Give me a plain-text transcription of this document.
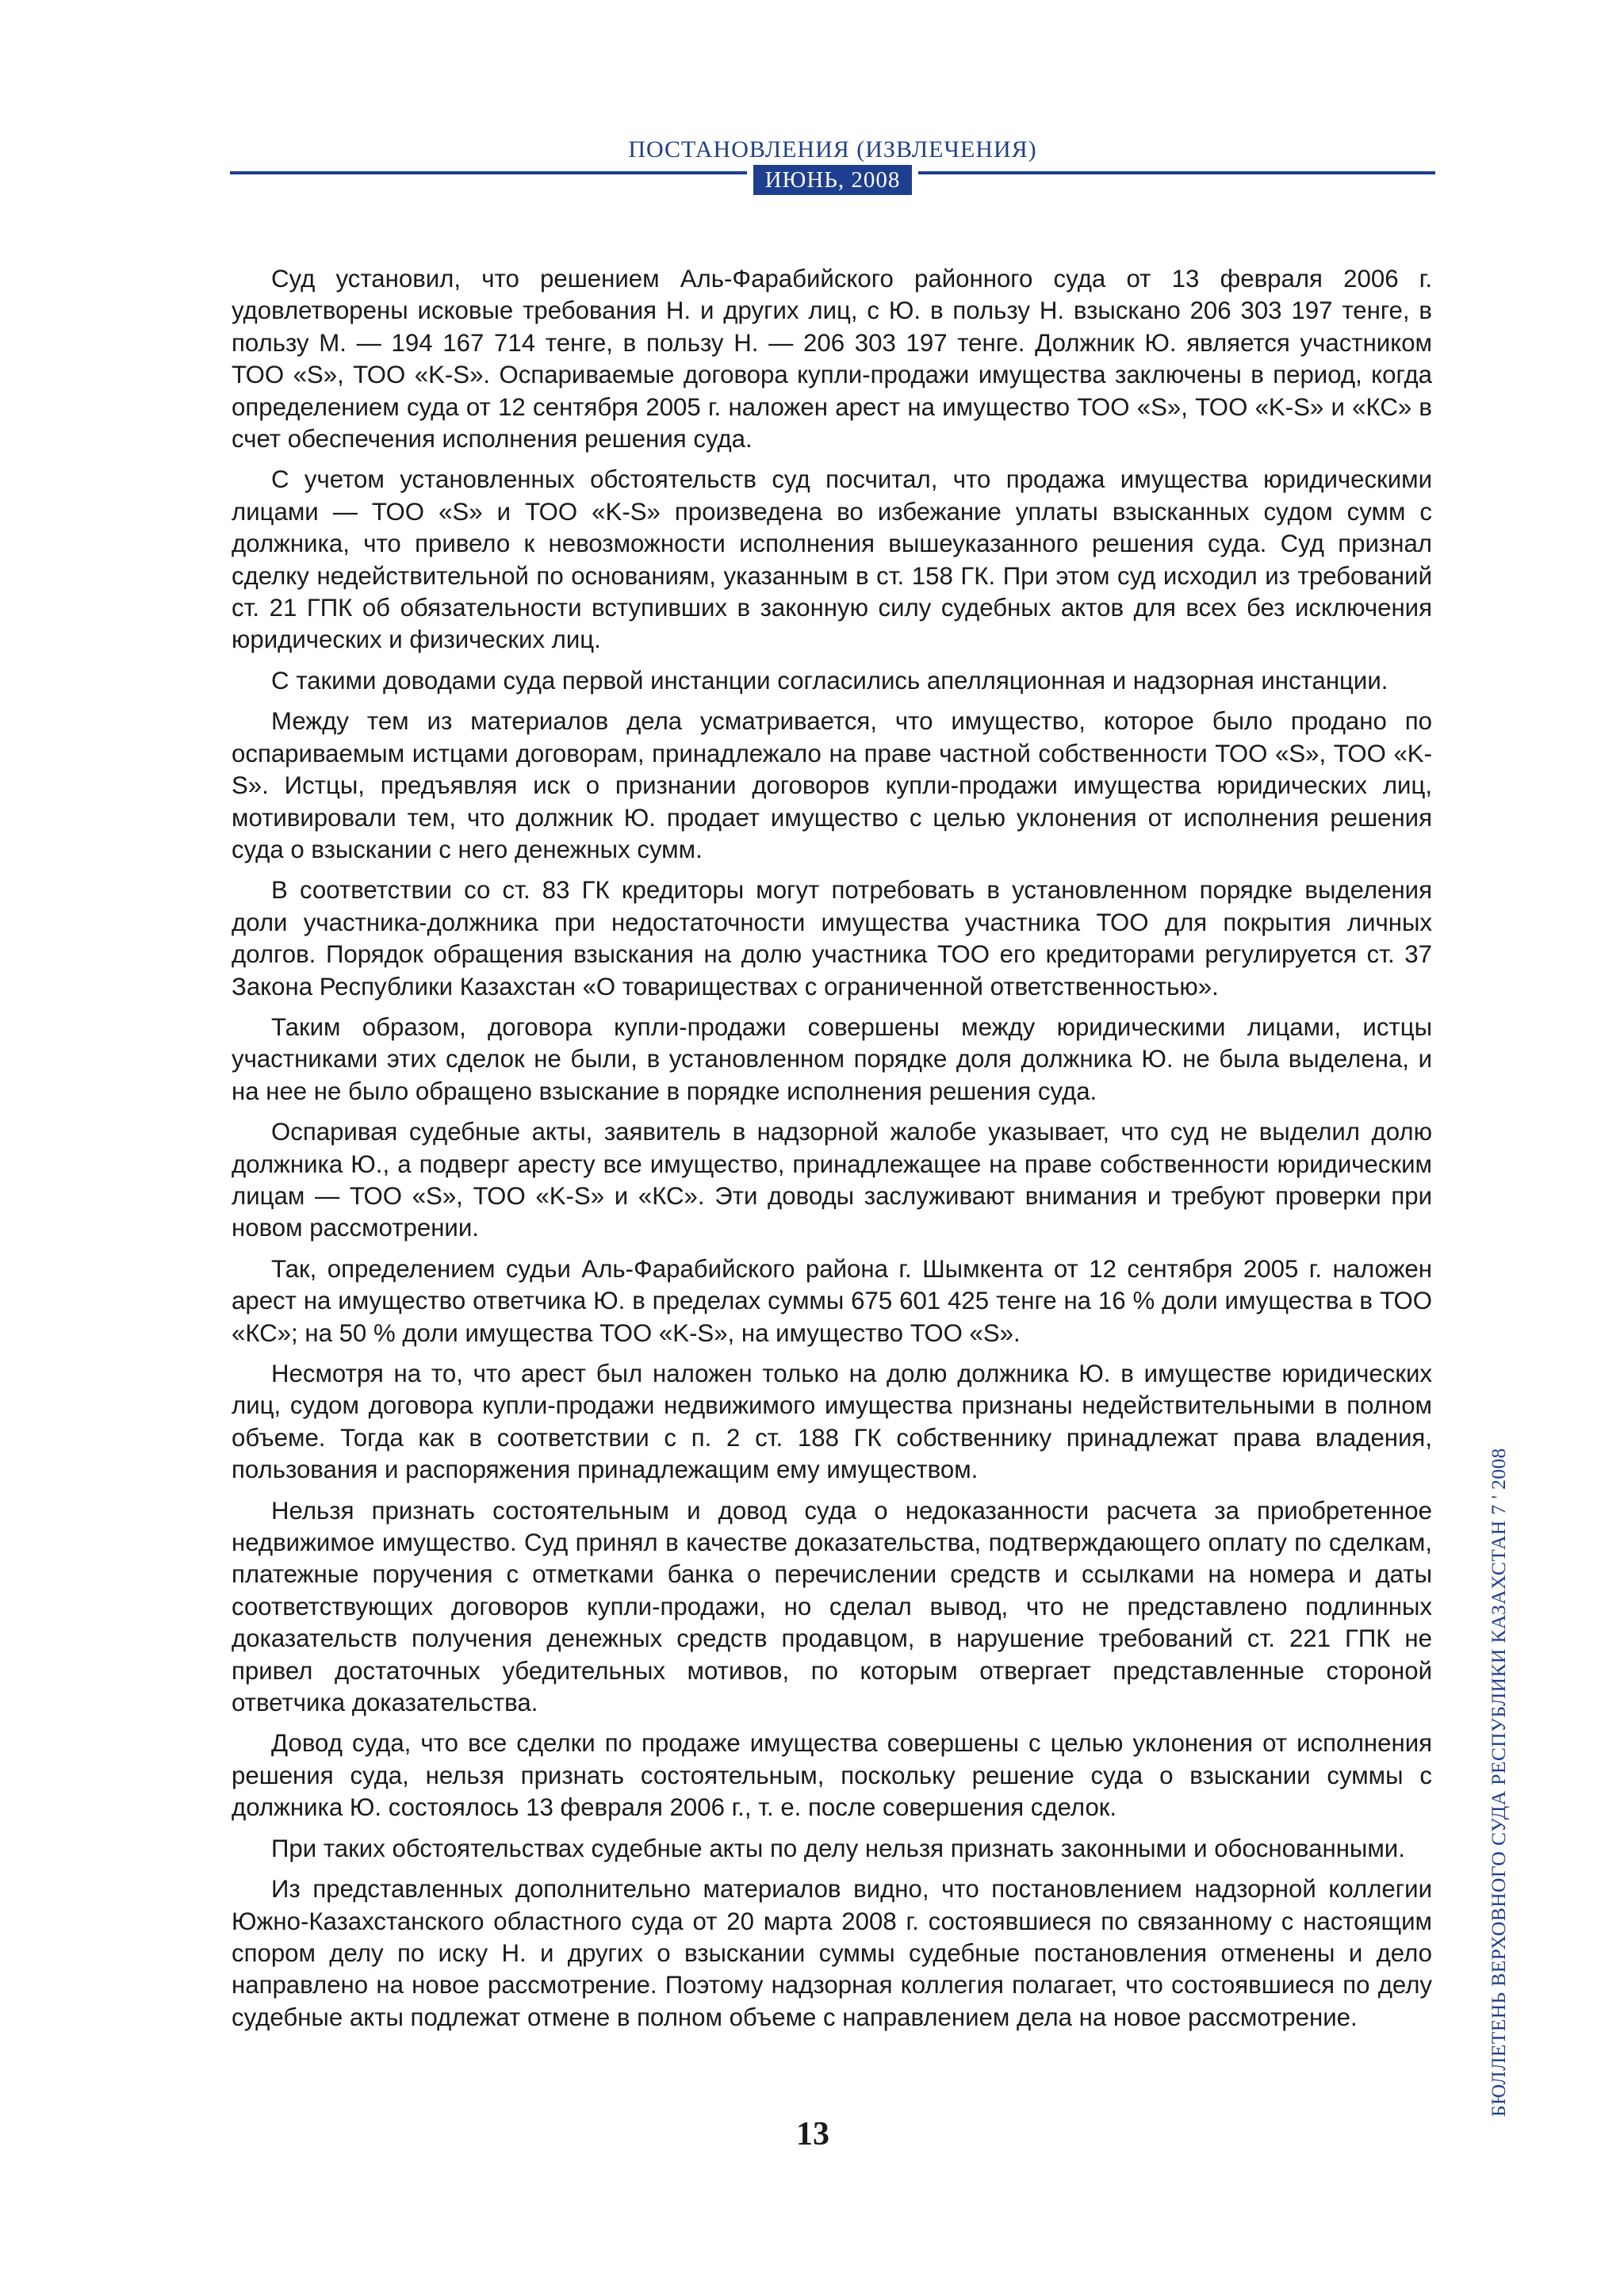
ПОСТАНОВЛЕНИЯ (ИЗВЛЕЧЕНИЯ)
ИЮНЬ, 2008

Суд установил, что решением Аль-Фарабийского районного суда от 13 февраля 2006 г. удовлетворены исковые требования Н. и других лиц, с Ю. в пользу Н. взыскано 206 303 197 тенге, в пользу М. — 194 167 714 тенге, в пользу Н. — 206 303 197 тенге. Должник Ю. является участником ТОО «S», ТОО «K-S». Оспариваемые договора купли-продажи имущества заключены в период, когда определением суда от 12 сентября 2005 г. наложен арест на имущество ТОО «S», ТОО «K-S» и «КС» в счет обеспечения исполнения решения суда.

С учетом установленных обстоятельств суд посчитал, что продажа имущества юридическими лицами — ТОО «S» и ТОО «K-S» произведена во избежание уплаты взысканных судом сумм с должника, что привело к невозможности исполнения вышеуказанного решения суда. Суд признал сделку недействительной по основаниям, указанным в ст. 158 ГК. При этом суд исходил из требований ст. 21 ГПК об обязательности вступивших в законную силу судебных актов для всех без исключения юридических и физических лиц.

С такими доводами суда первой инстанции согласились апелляционная и надзорная инстанции.

Между тем из материалов дела усматривается, что имущество, которое было продано по оспариваемым истцами договорам, принадлежало на праве частной собственности ТОО «S», ТОО «K-S». Истцы, предъявляя иск о признании договоров купли-продажи имущества юридических лиц, мотивировали тем, что должник Ю. продает имущество с целью уклонения от исполнения решения суда о взыскании с него денежных сумм.

В соответствии со ст. 83 ГК кредиторы могут потребовать в установленном порядке выделения доли участника-должника при недостаточности имущества участника ТОО для покрытия личных долгов. Порядок обращения взыскания на долю участника ТОО его кредиторами регулируется ст. 37 Закона Республики Казахстан «О товариществах с ограниченной ответственностью».

Таким образом, договора купли-продажи совершены между юридическими лицами, истцы участниками этих сделок не были, в установленном порядке доля должника Ю. не была выделена, и на нее не было обращено взыскание в порядке исполнения решения суда.

Оспаривая судебные акты, заявитель в надзорной жалобе указывает, что суд не выделил долю должника Ю., а подверг аресту все имущество, принадлежащее на праве собственности юридическим лицам — ТОО «S», ТОО «K-S» и «КС». Эти доводы заслуживают внимания и требуют проверки при новом рассмотрении.

Так, определением судьи Аль-Фарабийского района г. Шымкента от 12 сентября 2005 г. наложен арест на имущество ответчика Ю. в пределах суммы 675 601 425 тенге на 16 % доли имущества в ТОО «КС»; на 50 % доли имущества ТОО «K-S», на имущество ТОО «S».

Несмотря на то, что арест был наложен только на долю должника Ю. в имуществе юридических лиц, судом договора купли-продажи недвижимого имущества признаны недействительными в полном объеме. Тогда как в соответствии с п. 2 ст. 188 ГК собственнику принадлежат права владения, пользования и распоряжения принадлежащим ему имуществом.

Нельзя признать состоятельным и довод суда о недоказанности расчета за приобретенное недвижимое имущество. Суд принял в качестве доказательства, подтверждающего оплату по сделкам, платежные поручения с отметками банка о перечислении средств и ссылками на номера и даты соответствующих договоров купли-продажи, но сделал вывод, что не представлено подлинных доказательств получения денежных средств продавцом, в нарушение требований ст. 221 ГПК не привел достаточных убедительных мотивов, по которым отвергает представленные стороной ответчика доказательства.

Довод суда, что все сделки по продаже имущества совершены с целью уклонения от исполнения решения суда, нельзя признать состоятельным, поскольку решение суда о взыскании суммы с должника Ю. состоялось 13 февраля 2006 г., т. е. после совершения сделок.

При таких обстоятельствах судебные акты по делу нельзя признать законными и обоснованными.

Из представленных дополнительно материалов видно, что постановлением надзорной коллегии Южно-Казахстанского областного суда от 20 марта 2008 г. состоявшиеся по связанному с настоящим спором делу по иску Н. и других о взыскании суммы судебные постановления отменены и дело направлено на новое рассмотрение. Поэтому надзорная коллегия полагает, что состоявшиеся по делу судебные акты подлежат отмене в полном объеме с направлением дела на новое рассмотрение.

13
БЮЛЛЕТЕНЬ ВЕРХОВНОГО СУДА РЕСПУБЛИКИ КАЗАХСТАН 7 ' 2008
